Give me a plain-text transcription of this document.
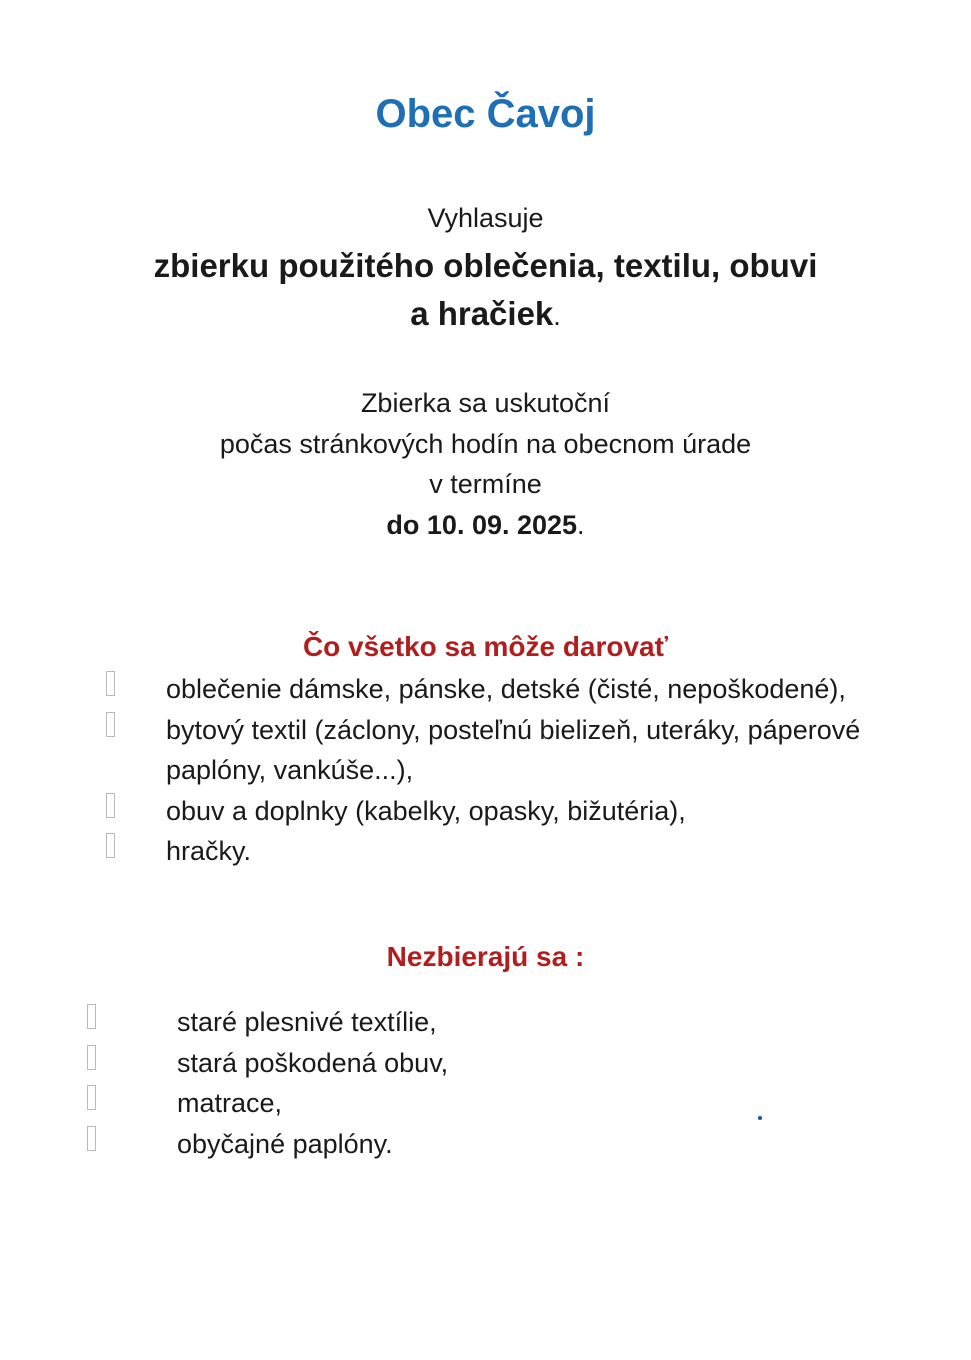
Obec Čavoj

Vyhlasuje

zbierku použitého oblečenia, textilu, obuvi
a hračiek.
Zbierka sa uskutoční
počas stránkových hodín na obecnom úrade
v termíne
do 10. 09. 2025.
Čo všetko sa môže darovať
oblečenie dámske, pánske, detské (čisté, nepoškodené),
bytový textil (záclony, posteľnú bielizeň, uteráky, páperové paplóny, vankúše...),
obuv a doplnky (kabelky, opasky, bižutéria),
hračky.
Nezbierajú sa :
staré plesnivé textílie,
stará poškodená obuv,
matrace,
obyčajné paplóny.
